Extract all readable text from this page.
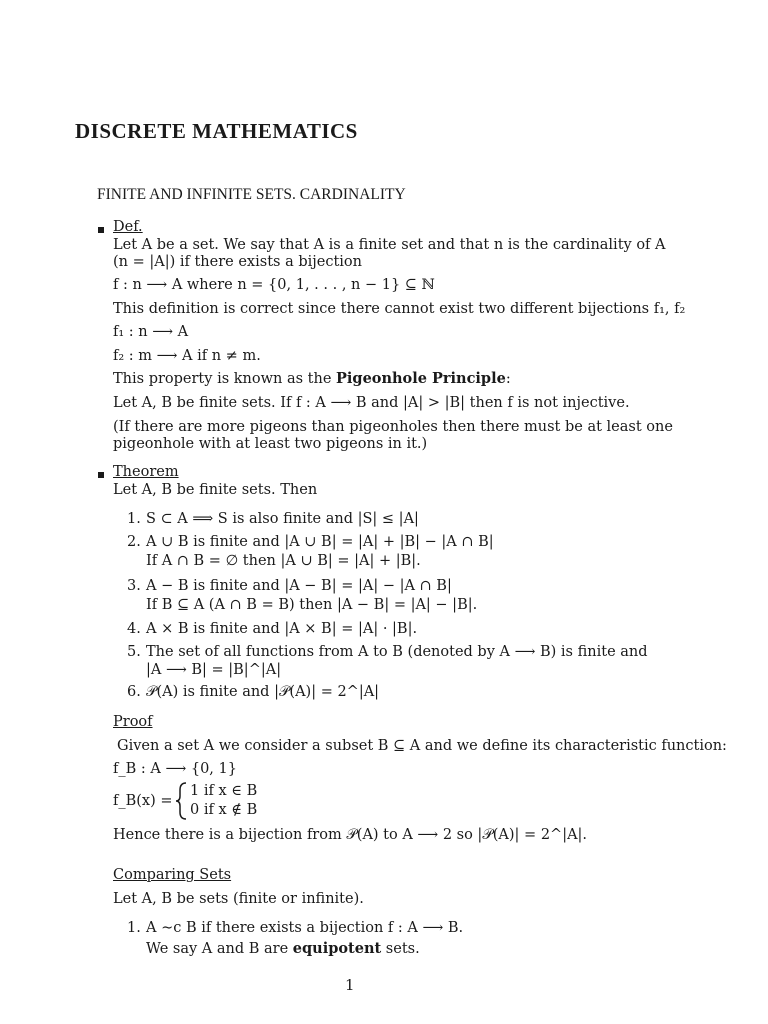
DISCRETE MATHEMATICS
FINITE AND INFINITE SETS. CARDINALITY
Def.
Let A be a set. We say that A is a finite set and that n is the cardinality of A
(n = |A|) if there exists a bijection
f : n ⟶ A where n = {0, 1, . . . , n − 1} ⊆ ℕ
This definition is correct since there cannot exist two different bijections f₁, f₂
f₁ : n ⟶ A
f₂ : m ⟶ A if n ≠ m.
This property is known as the Pigeonhole Principle:
Let A, B be finite sets. If f : A ⟶ B and |A| > |B| then f is not injective.
(If there are more pigeons than pigeonholes then there must be at least one
pigeonhole with at least two pigeons in it.)
Theorem
Let A, B be finite sets. Then
1. S ⊂ A ⟹ S is also finite and |S| ≤ |A|
2. A ∪ B is finite and |A ∪ B| = |A| + |B| − |A ∩ B|
If A ∩ B = ∅ then |A ∪ B| = |A| + |B|.
3. A − B is finite and |A − B| = |A| − |A ∩ B|
If B ⊆ A (A ∩ B = B) then |A − B| = |A| − |B|.
4. A × B is finite and |A × B| = |A| · |B|.
5. The set of all functions from A to B (denoted by A ⟶ B) is finite and
|A ⟶ B| = |B|^|A|
6. 𝒫(A) is finite and |𝒫(A)| = 2^|A|
Proof
Given a set A we consider a subset B ⊆ A and we define its characteristic function:
f_B : A ⟶ {0, 1}
f_B(x) =
1 if x ∈ B
0 if x ∉ B
Hence there is a bijection from 𝒫(A) to A ⟶ 2 so |𝒫(A)| = 2^|A|.
Comparing Sets
Let A, B be sets (finite or infinite).
1. A ∼c B if there exists a bijection f : A ⟶ B.
We say A and B are equipotent sets.
1
